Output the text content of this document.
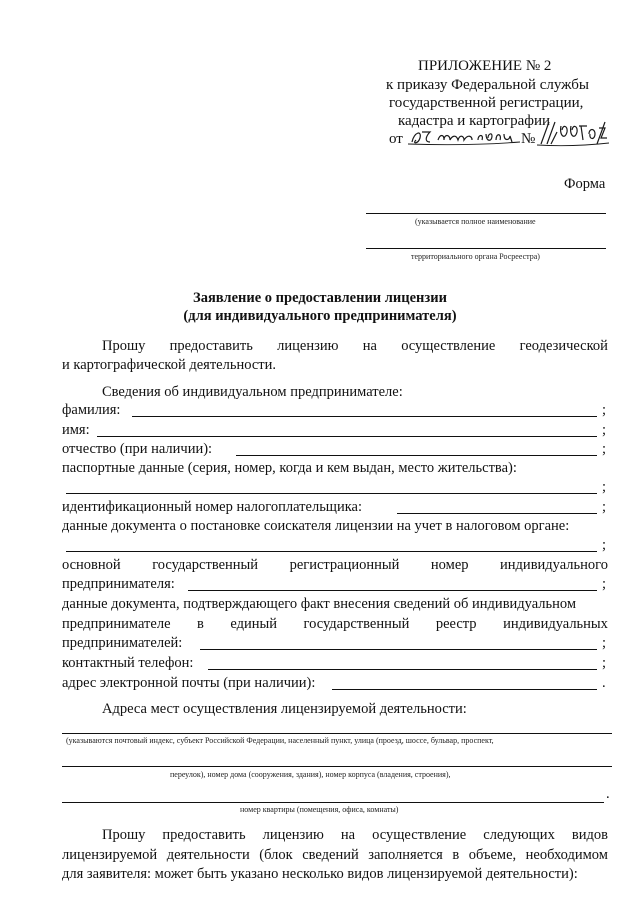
ПРИЛОЖЕНИЕ № 2
к приказу Федеральной службы
государственной регистрации,
кадастра и картографии
от	№
Форма
(указывается полное наименование
территориального органа Росреестра)
Заявление о предоставлении лицензии
(для индивидуального предпринимателя)
Прошу предоставить лицензию на осуществление геодезической
и картографической деятельности.
Сведения об индивидуальном предпринимателе:
фамилия:	;
имя:	;
отчество (при наличии):	;
паспортные данные (серия, номер, когда и кем выдан, место жительства):
;
идентификационный номер налогоплательщика:	;
данные документа о постановке соискателя лицензии на учет в налоговом органе:
;
основной государственный регистрационный номер индивидуального
предпринимателя:	;
данные документа, подтверждающего факт внесения сведений об индивидуальном
предпринимателе в единый государственный реестр индивидуальных
предпринимателей:	;
контактный телефон:	;
адрес электронной почты (при наличии):	.
Адреса мест осуществления лицензируемой деятельности:
(указываются почтовый индекс, субъект Российской Федерации, населенный пункт, улица (проезд, шоссе, бульвар, проспект,
переулок), номер дома (сооружения, здания), номер корпуса (владения, строения),
.
номер квартиры (помещения, офиса, комнаты)
Прошу предоставить лицензию на осуществление следующих видов
лицензируемой деятельности (блок сведений заполняется в объеме, необходимом
для заявителя: может быть указано несколько видов лицензируемой деятельности):
